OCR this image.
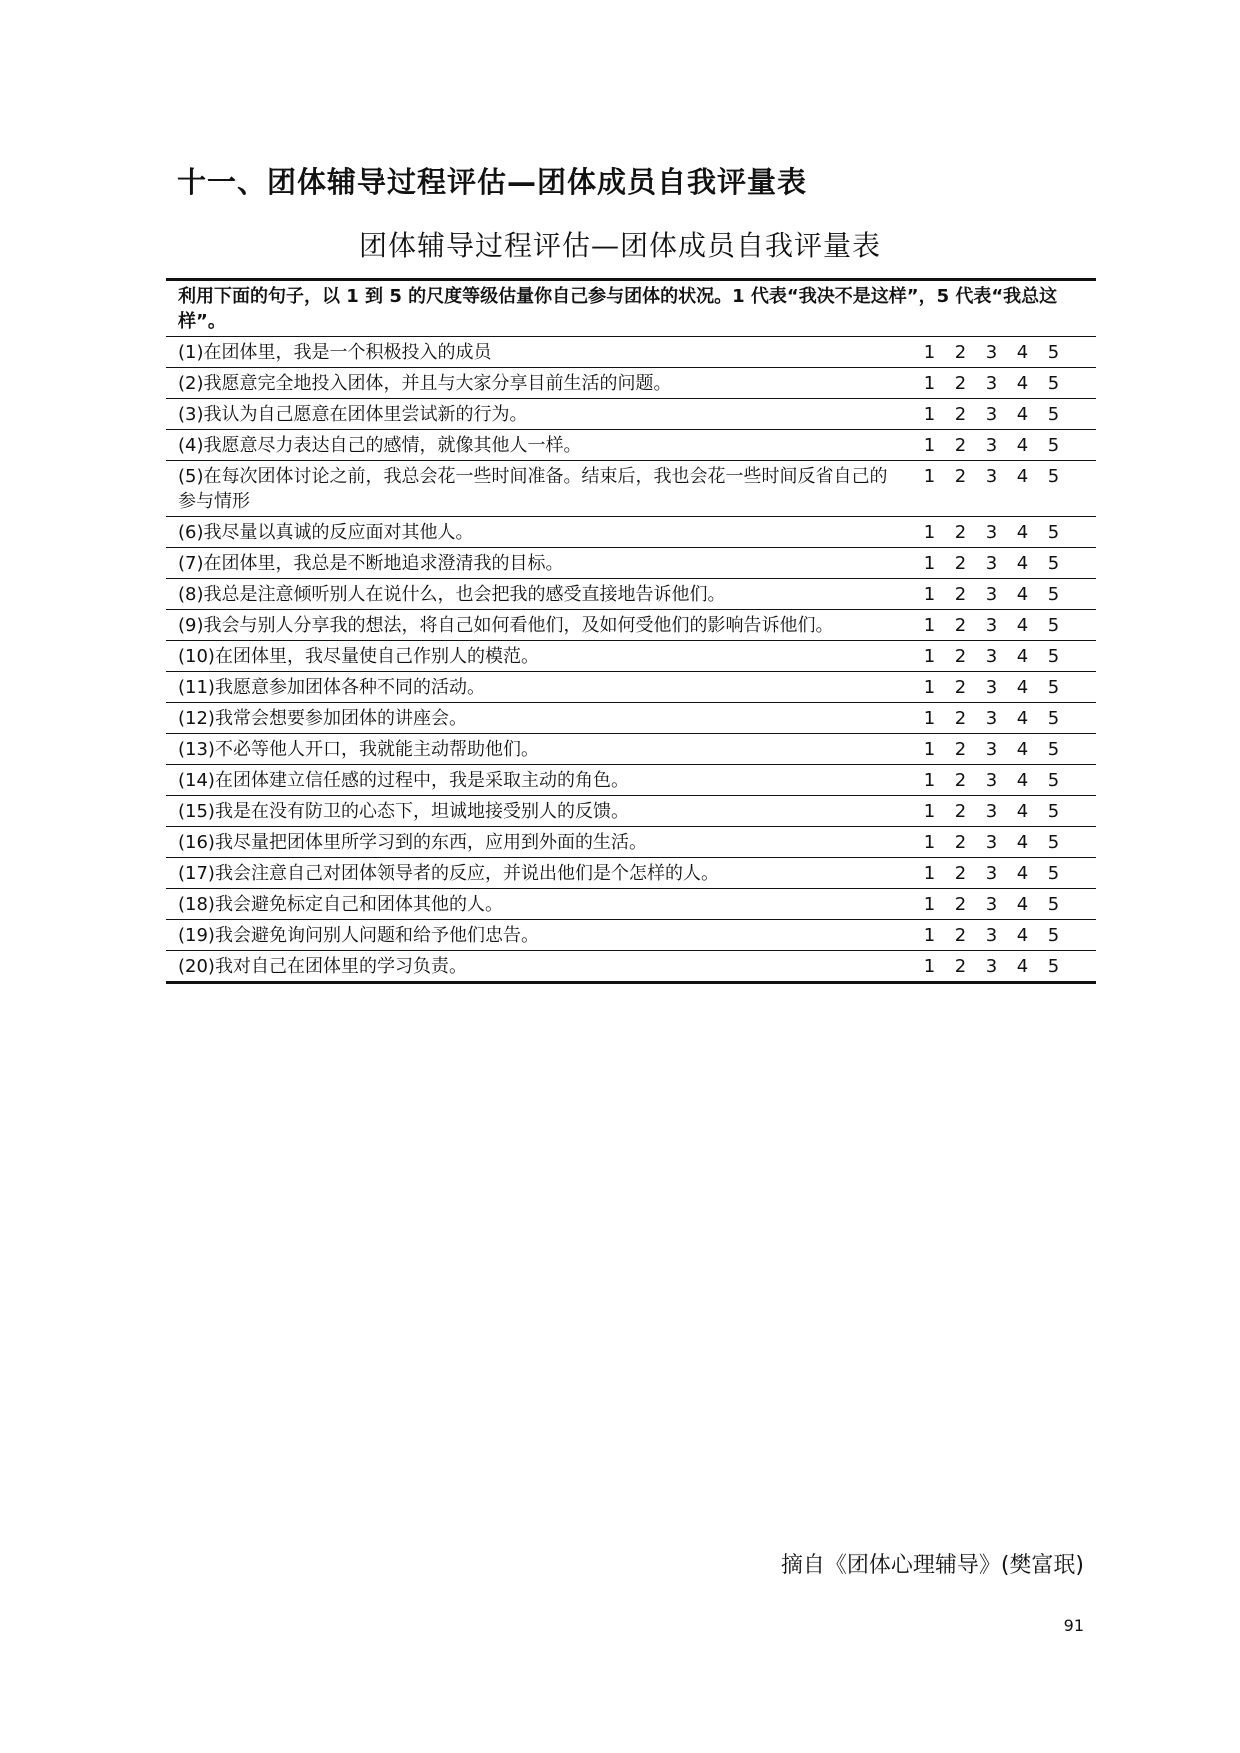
十一、团体辅导过程评估—团体成员自我评量表
团体辅导过程评估—团体成员自我评量表
利用下面的句子，以 1 到 5 的尺度等级估量你自己参与团体的状况。1 代表“我决不是这样”，5 代表“我总这样”。	
(1)在团体里，我是一个积极投入的成员	1 2 3 4 5
(2)我愿意完全地投入团体，并且与大家分享目前生活的问题。	1 2 3 4 5
(3)我认为自己愿意在团体里尝试新的行为。	1 2 3 4 5
(4)我愿意尽力表达自己的感情，就像其他人一样。	1 2 3 4 5
(5)在每次团体讨论之前，我总会花一些时间准备。结束后，我也会花一些时间反省自己的参与情形	1 2 3 4 5
(6)我尽量以真诚的反应面对其他人。	1 2 3 4 5
(7)在团体里，我总是不断地追求澄清我的目标。	1 2 3 4 5
(8)我总是注意倾听别人在说什么，也会把我的感受直接地告诉他们。	1 2 3 4 5
(9)我会与别人分享我的想法，将自己如何看他们，及如何受他们的影响告诉他们。	1 2 3 4 5
(10)在团体里，我尽量使自己作别人的模范。	1 2 3 4 5
(11)我愿意参加团体各种不同的活动。	1 2 3 4 5
(12)我常会想要参加团体的讲座会。	1 2 3 4 5
(13)不必等他人开口，我就能主动帮助他们。	1 2 3 4 5
(14)在团体建立信任感的过程中，我是采取主动的角色。	1 2 3 4 5
(15)我是在没有防卫的心态下，坦诚地接受别人的反馈。	1 2 3 4 5
(16)我尽量把团体里所学习到的东西，应用到外面的生活。	1 2 3 4 5
(17)我会注意自己对团体领导者的反应，并说出他们是个怎样的人。	1 2 3 4 5
(18)我会避免标定自己和团体其他的人。	1 2 3 4 5
(19)我会避免询问别人问题和给予他们忠告。	1 2 3 4 5
(20)我对自己在团体里的学习负责。	1 2 3 4 5
摘自《团体心理辅导》(樊富珉)
91
